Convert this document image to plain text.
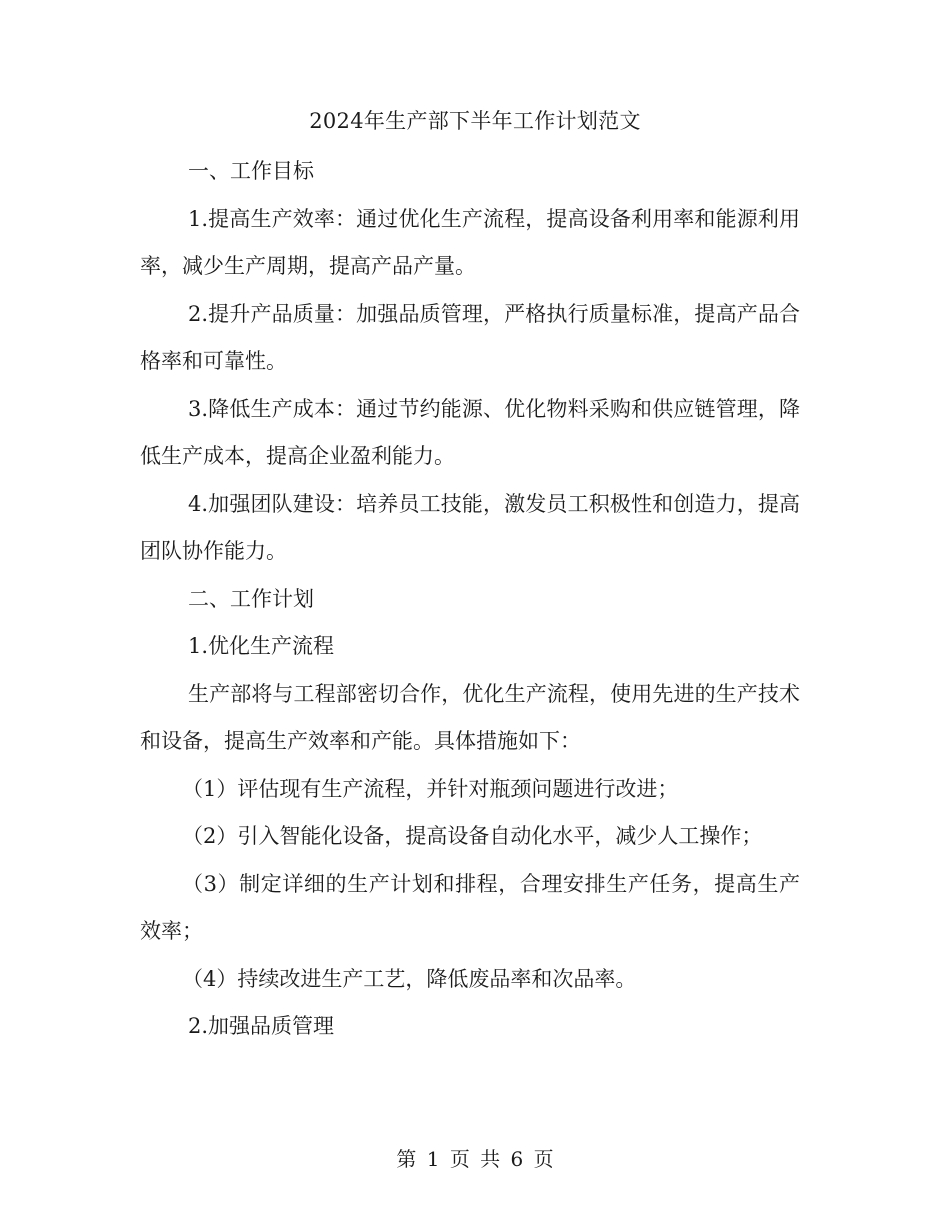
2024年生产部下半年工作计划范文

一、工作目标

1.提高生产效率：通过优化生产流程，提高设备利用率和能源利用率，减少生产周期，提高产品产量。

2.提升产品质量：加强品质管理，严格执行质量标准，提高产品合格率和可靠性。

3.降低生产成本：通过节约能源、优化物料采购和供应链管理，降低生产成本，提高企业盈利能力。

4.加强团队建设：培养员工技能，激发员工积极性和创造力，提高团队协作能力。

二、工作计划

1.优化生产流程

生产部将与工程部密切合作，优化生产流程，使用先进的生产技术和设备，提高生产效率和产能。具体措施如下：

（1）评估现有生产流程，并针对瓶颈问题进行改进；

（2）引入智能化设备，提高设备自动化水平，减少人工操作；

（3）制定详细的生产计划和排程，合理安排生产任务，提高生产效率；

（4）持续改进生产工艺，降低废品率和次品率。

2.加强品质管理

第 1 页 共 6 页
